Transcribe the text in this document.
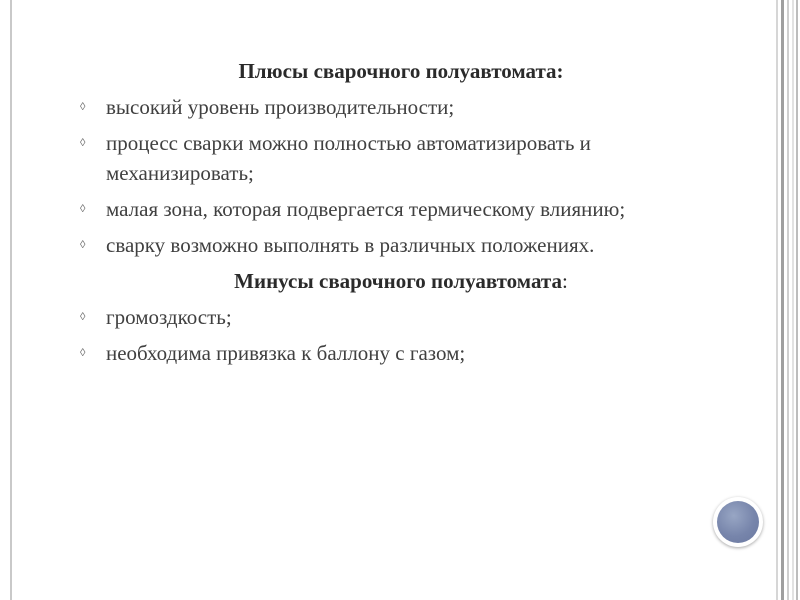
Плюсы сварочного полуавтомата:
◊ высокий уровень производительности;
◊ процесс сварки можно полностью автоматизировать и механизировать;
◊ малая зона, которая подвергается термическому влиянию;
◊ сварку возможно выполнять в различных положениях.
Минусы сварочного полуавтомата:
◊ громоздкость;
◊ необходима привязка к баллону с газом;
